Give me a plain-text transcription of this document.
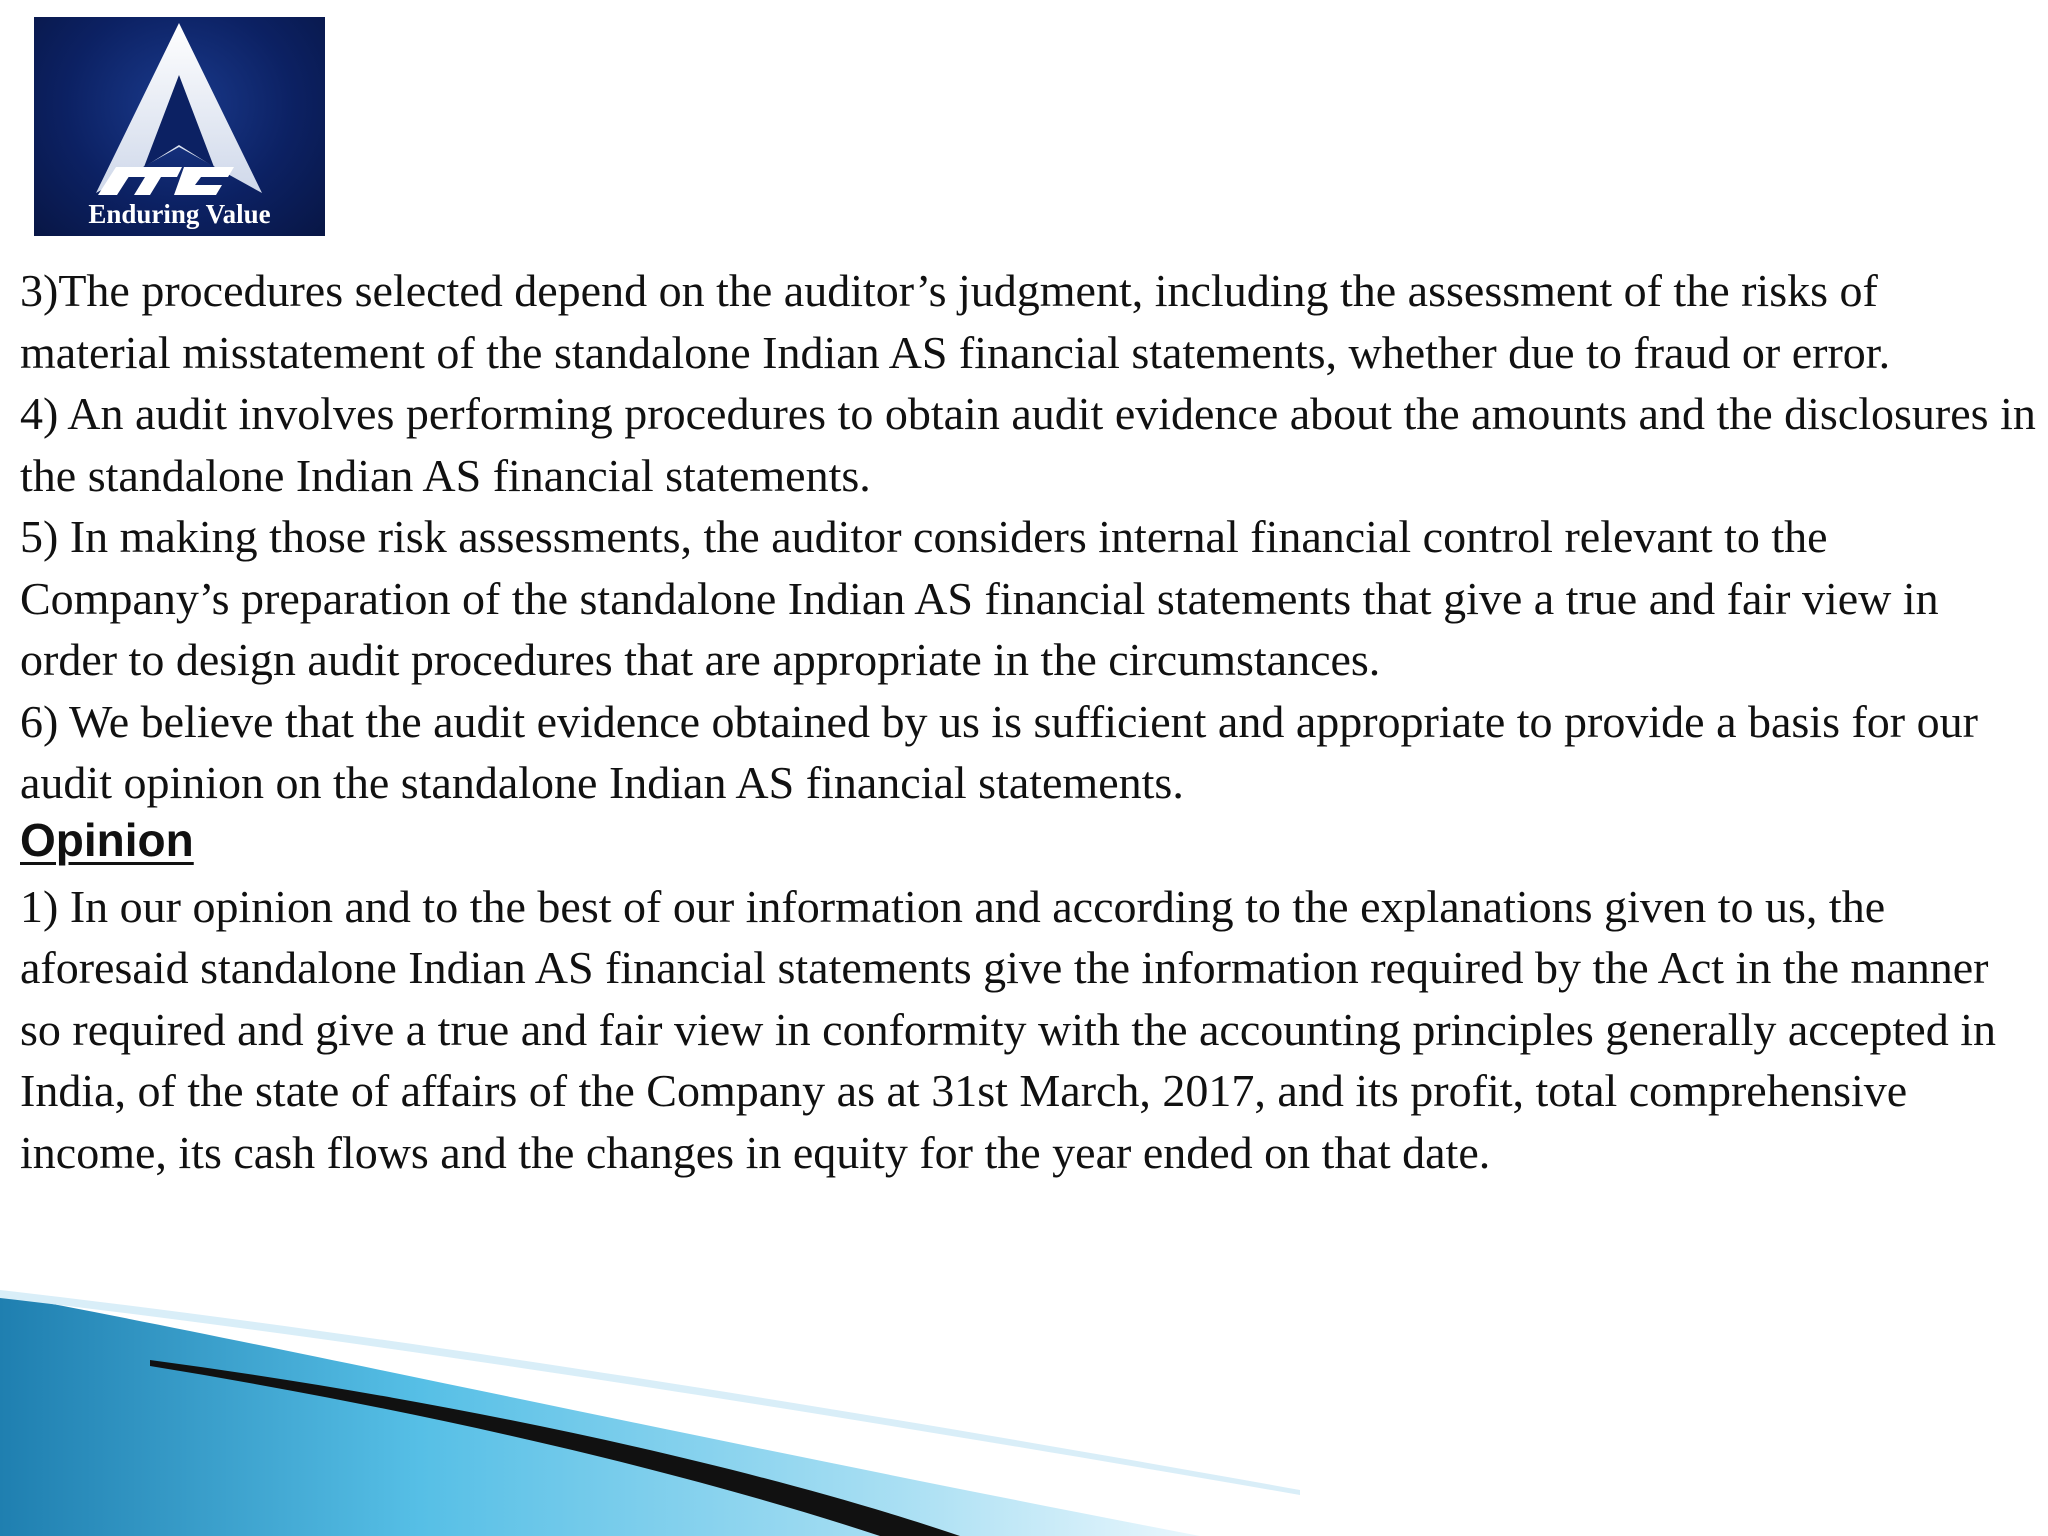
Enduring Value

3)The procedures selected depend on the auditor’s judgment, including the assessment of the risks of material misstatement of the standalone Indian AS financial statements, whether due to fraud or error.

4) An audit involves performing procedures to obtain audit evidence about the amounts and the disclosures in the standalone Indian AS financial statements.

5) In making those risk assessments, the auditor considers internal financial control relevant to the Company’s preparation of the standalone Indian AS financial statements that give a true and fair view in order to design audit procedures that are appropriate in the circumstances.

6) We believe that the audit evidence obtained by us is sufficient and appropriate to provide a basis for our audit opinion on the standalone Indian AS financial statements.

Opinion

1) In our opinion and to the best of our information and according to the explanations given to us, the aforesaid standalone Indian AS financial statements give the information required by the Act in the manner so required and give a true and fair view in conformity with the accounting principles generally accepted in India, of the state of affairs of the Company as at 31st March, 2017, and its profit, total comprehensive income, its cash flows and the changes in equity for the year ended on that date.
